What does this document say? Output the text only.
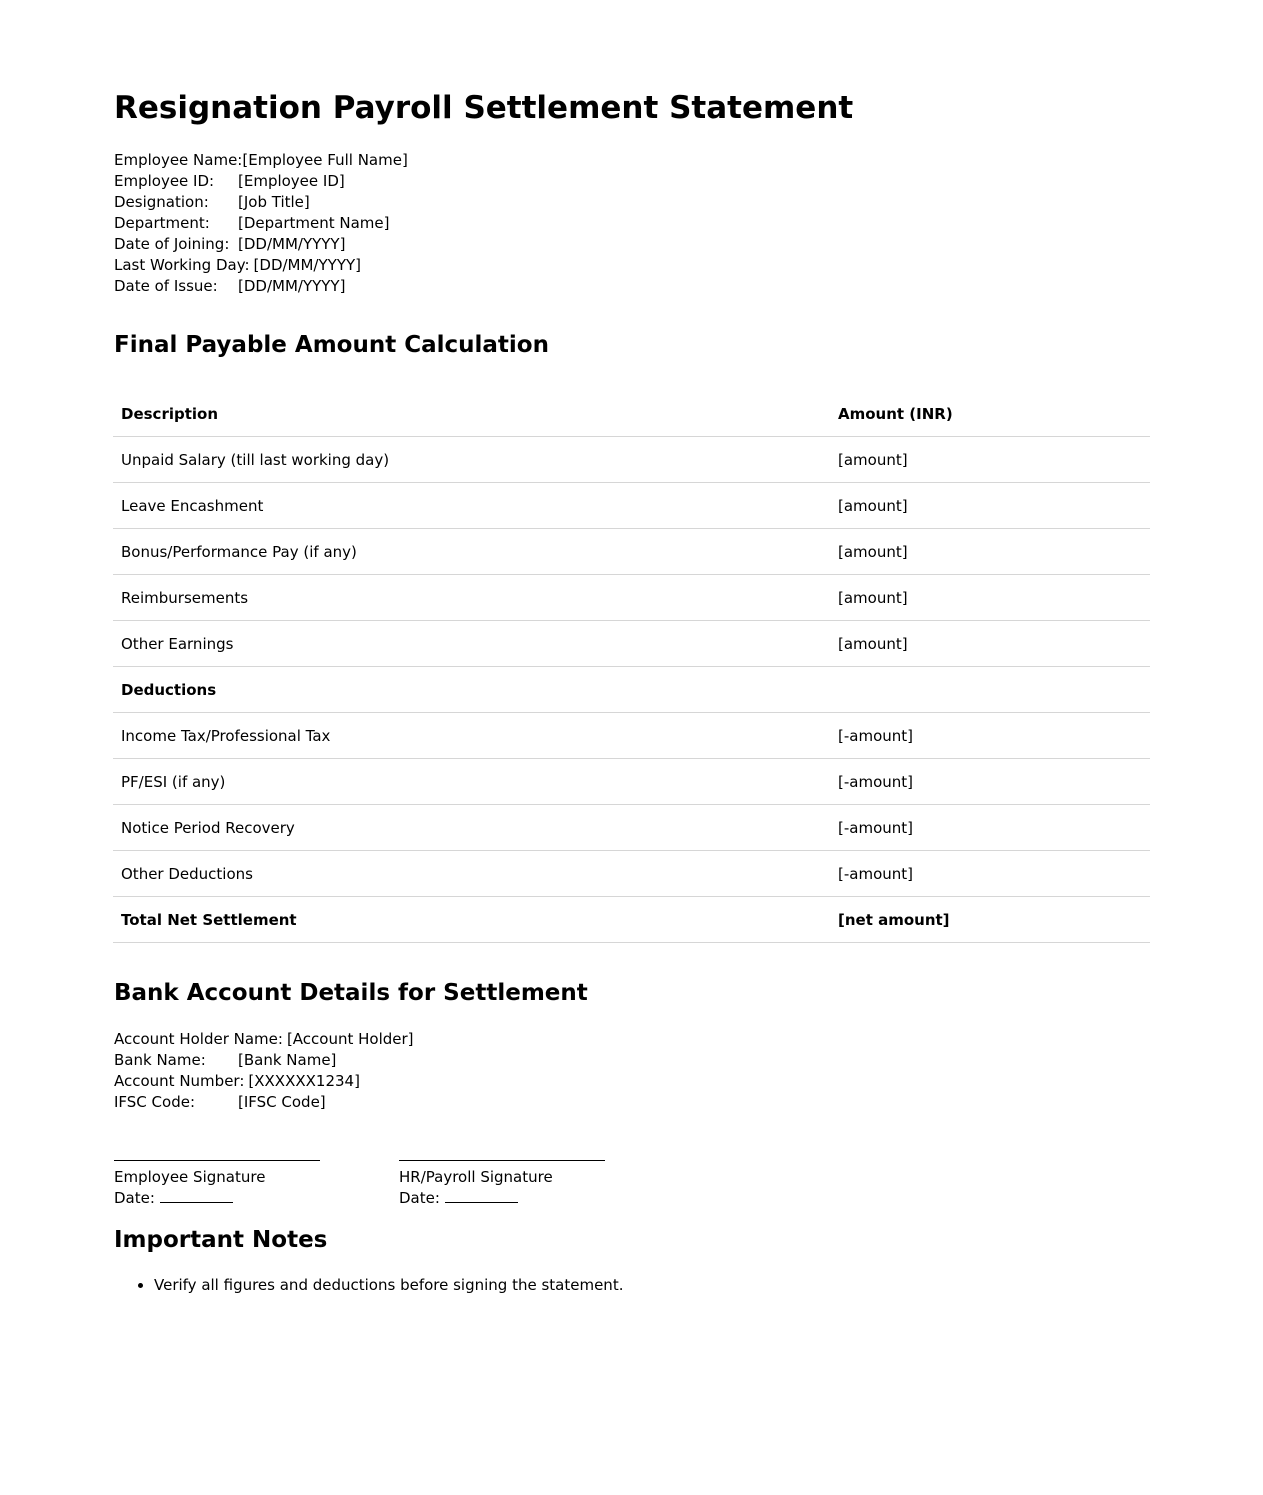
Resignation Payroll Settlement Statement
Employee Name: [Employee Full Name]
Employee ID:	[Employee ID]
Designation:	[Job Title]
Department:	[Department Name]
Date of Joining: [DD/MM/YYYY]
Last Working Day: [DD/MM/YYYY]
Date of Issue:	[DD/MM/YYYY]
Final Payable Amount Calculation
Description	Amount (INR)
Unpaid Salary (till last working day)	[amount]
Leave Encashment	[amount]
Bonus/Performance Pay (if any)	[amount]
Reimbursements	[amount]
Other Earnings	[amount]
Deductions	
Income Tax/Professional Tax	[-amount]
PF/ESI (if any)	[-amount]
Notice Period Recovery	[-amount]
Other Deductions	[-amount]
Total Net Settlement	[net amount]
Bank Account Details for Settlement
Account Holder Name: [Account Holder]
Bank Name:	[Bank Name]
Account Number: [XXXXXX1234]
IFSC Code:	[IFSC Code]
Employee Signature
Date:
HR/Payroll Signature
Date:
Important Notes
• Verify all figures and deductions before signing the statement.
